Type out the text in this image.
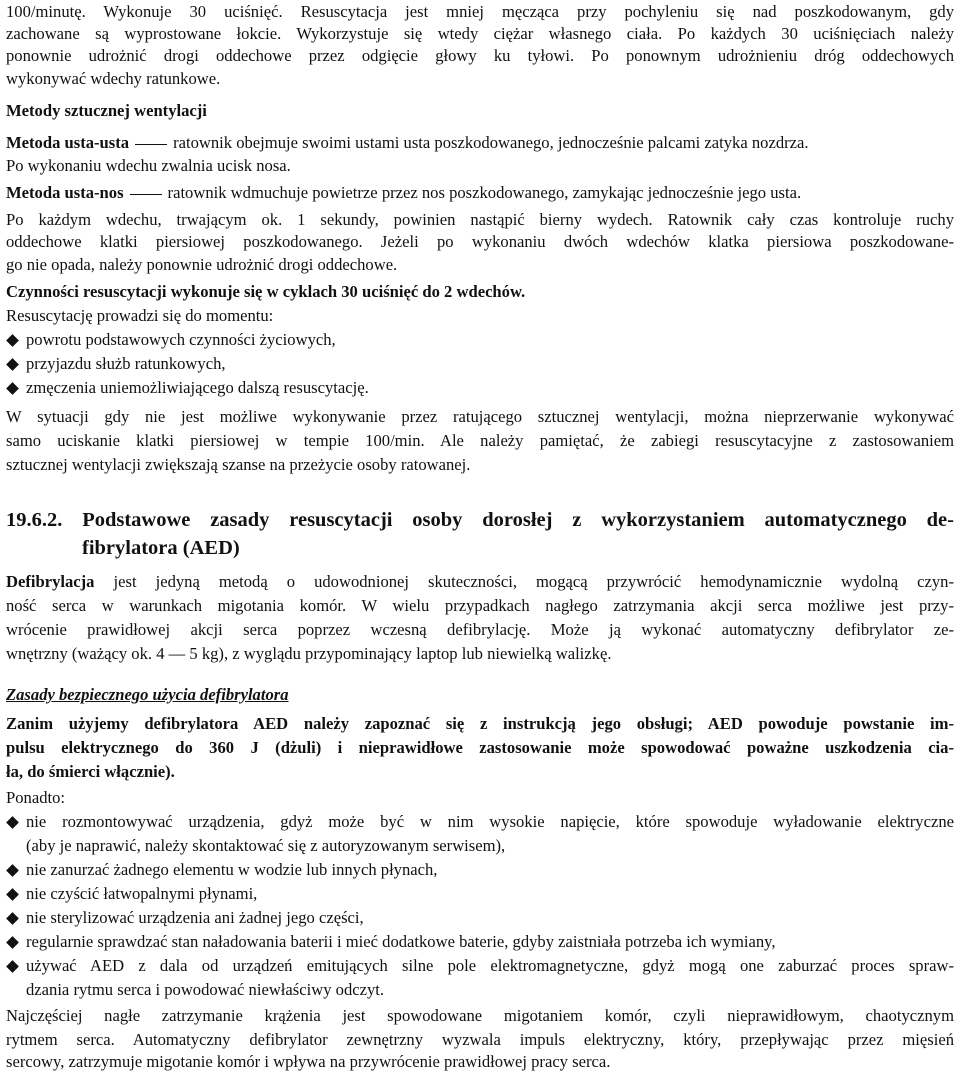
100/minutę. Wykonuje 30 uciśnięć. Resuscytacja jest mniej męcząca przy pochyleniu się nad poszkodowanym, gdy
zachowane są wyprostowane łokcie. Wykorzystuje się wtedy ciężar własnego ciała. Po każdych 30 uciśnięciach należy
ponownie udrożnić drogi oddechowe przez odgięcie głowy ku tyłowi. Po ponownym udrożnieniu dróg oddechowych
wykonywać wdechy ratunkowe.
Metody sztucznej wentylacji
Metoda usta-usta	ratownik obejmuje swoimi ustami usta poszkodowanego, jednocześnie palcami zatyka nozdrza.
Po wykonaniu wdechu zwalnia ucisk nosa.
Metoda usta-nos	ratownik wdmuchuje powietrze przez nos poszkodowanego, zamykając jednocześnie jego usta.
Po każdym wdechu, trwającym ok. 1 sekundy, powinien nastąpić bierny wydech. Ratownik cały czas kontroluje ruchy
oddechowe klatki piersiowej poszkodowanego. Jeżeli po wykonaniu dwóch wdechów klatka piersiowa poszkodowane-
go nie opada, należy ponownie udrożnić drogi oddechowe.
Czynności resuscytacji wykonuje się w cyklach 30 uciśnięć do 2 wdechów.
Resuscytację prowadzi się do momentu:
powrotu podstawowych czynności życiowych,
przyjazdu służb ratunkowych,
zmęczenia uniemożliwiającego dalszą resuscytację.
W sytuacji gdy nie jest możliwe wykonywanie przez ratującego sztucznej wentylacji, można nieprzerwanie wykonywać
samo uciskanie klatki piersiowej w tempie 100/min. Ale należy pamiętać, że zabiegi resuscytacyjne z zastosowaniem
sztucznej wentylacji zwiększają szanse na przeżycie osoby ratowanej.
19.6.2. Podstawowe zasady resuscytacji osoby dorosłej z wykorzystaniem automatycznego de-
fibrylatora (AED)
Defibrylacja jest jedyną metodą o udowodnionej skuteczności, mogącą przywrócić hemodynamicznie wydolną czyn-
ność serca w warunkach migotania komór. W wielu przypadkach nagłego zatrzymania akcji serca możliwe jest przy-
wrócenie prawidłowej akcji serca poprzez wczesną defibrylację. Może ją wykonać automatyczny defibrylator ze-
wnętrzny (ważący ok. 4 — 5 kg), z wyglądu przypominający laptop lub niewielką walizkę.
Zasady bezpiecznego użycia defibrylatora
Zanim użyjemy defibrylatora AED należy zapoznać się z instrukcją jego obsługi; AED powoduje powstanie im-
pulsu elektrycznego do 360 J (dżuli) i nieprawidłowe zastosowanie może spowodować poważne uszkodzenia cia-
ła, do śmierci włącznie).
Ponadto:
nie rozmontowywać urządzenia, gdyż może być w nim wysokie napięcie, które spowoduje wyładowanie elektryczne
(aby je naprawić, należy skontaktować się z autoryzowanym serwisem),
nie zanurzać żadnego elementu w wodzie lub innych płynach,
nie czyścić łatwopalnymi płynami,
nie sterylizować urządzenia ani żadnej jego części,
regularnie sprawdzać stan naładowania baterii i mieć dodatkowe baterie, gdyby zaistniała potrzeba ich wymiany,
używać AED z dala od urządzeń emitujących silne pole elektromagnetyczne, gdyż mogą one zaburzać proces spraw-
dzania rytmu serca i powodować niewłaściwy odczyt.
Najczęściej nagłe zatrzymanie krążenia jest spowodowane migotaniem komór, czyli nieprawidłowym, chaotycznym
rytmem serca. Automatyczny defibrylator zewnętrzny wyzwala impuls elektryczny, który, przepływając przez mięsień
sercowy, zatrzymuje migotanie komór i wpływa na przywrócenie prawidłowej pracy serca.
